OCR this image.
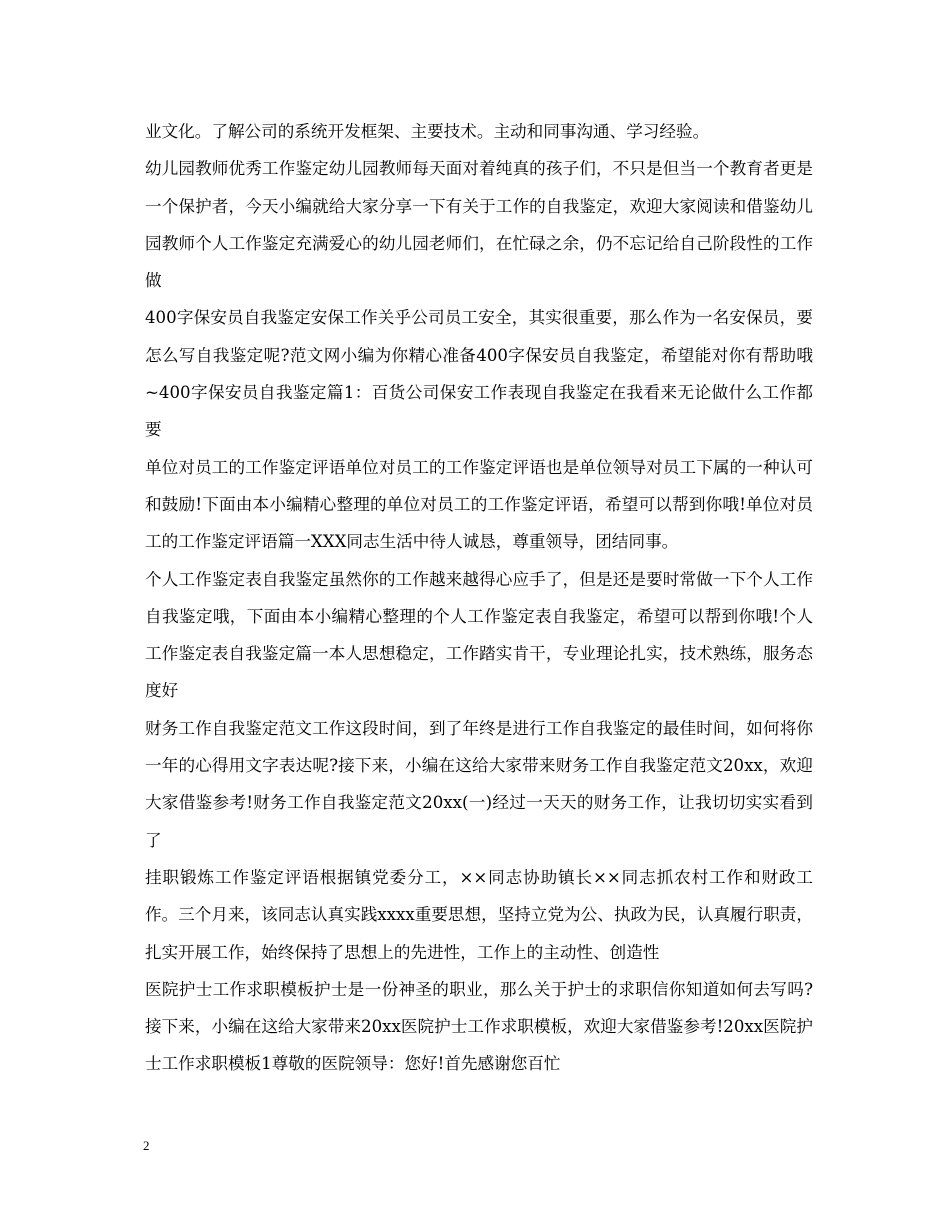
业文化。了解公司的系统开发框架、主要技术。主动和同事沟通、学习经验。

幼儿园教师优秀工作鉴定幼儿园教师每天面对着纯真的孩子们，不只是但当一个教育者更是一个保护者，今天小编就给大家分享一下有关于工作的自我鉴定，欢迎大家阅读和借鉴幼儿园教师个人工作鉴定充满爱心的幼儿园老师们，在忙碌之余，仍不忘记给自己阶段性的工作做

400字保安员自我鉴定安保工作关乎公司员工安全，其实很重要，那么作为一名安保员，要怎么写自我鉴定呢?范文网小编为你精心准备400字保安员自我鉴定，希望能对你有帮助哦~400字保安员自我鉴定篇1：百货公司保安工作表现自我鉴定在我看来无论做什么工作都要

单位对员工的工作鉴定评语单位对员工的工作鉴定评语也是单位领导对员工下属的一种认可和鼓励!下面由本小编精心整理的单位对员工的工作鉴定评语，希望可以帮到你哦!单位对员工的工作鉴定评语篇一XXX同志生活中待人诚恳，尊重领导，团结同事。

个人工作鉴定表自我鉴定虽然你的工作越来越得心应手了，但是还是要时常做一下个人工作自我鉴定哦，下面由本小编精心整理的个人工作鉴定表自我鉴定，希望可以帮到你哦!个人工作鉴定表自我鉴定篇一本人思想稳定，工作踏实肯干，专业理论扎实，技术熟练，服务态度好

财务工作自我鉴定范文工作这段时间，到了年终是进行工作自我鉴定的最佳时间，如何将你一年的心得用文字表达呢?接下来，小编在这给大家带来财务工作自我鉴定范文20xx，欢迎大家借鉴参考!财务工作自我鉴定范文20xx(一)经过一天天的财务工作，让我切切实实看到了

挂职锻炼工作鉴定评语根据镇党委分工，××同志协助镇长××同志抓农村工作和财政工作。三个月来，该同志认真实践xxxx重要思想，坚持立党为公、执政为民，认真履行职责，扎实开展工作，始终保持了思想上的先进性，工作上的主动性、创造性

医院护士工作求职模板护士是一份神圣的职业，那么关于护士的求职信你知道如何去写吗?接下来，小编在这给大家带来20xx医院护士工作求职模板，欢迎大家借鉴参考!20xx医院护士工作求职模板1尊敬的医院领导：您好!首先感谢您百忙

2
